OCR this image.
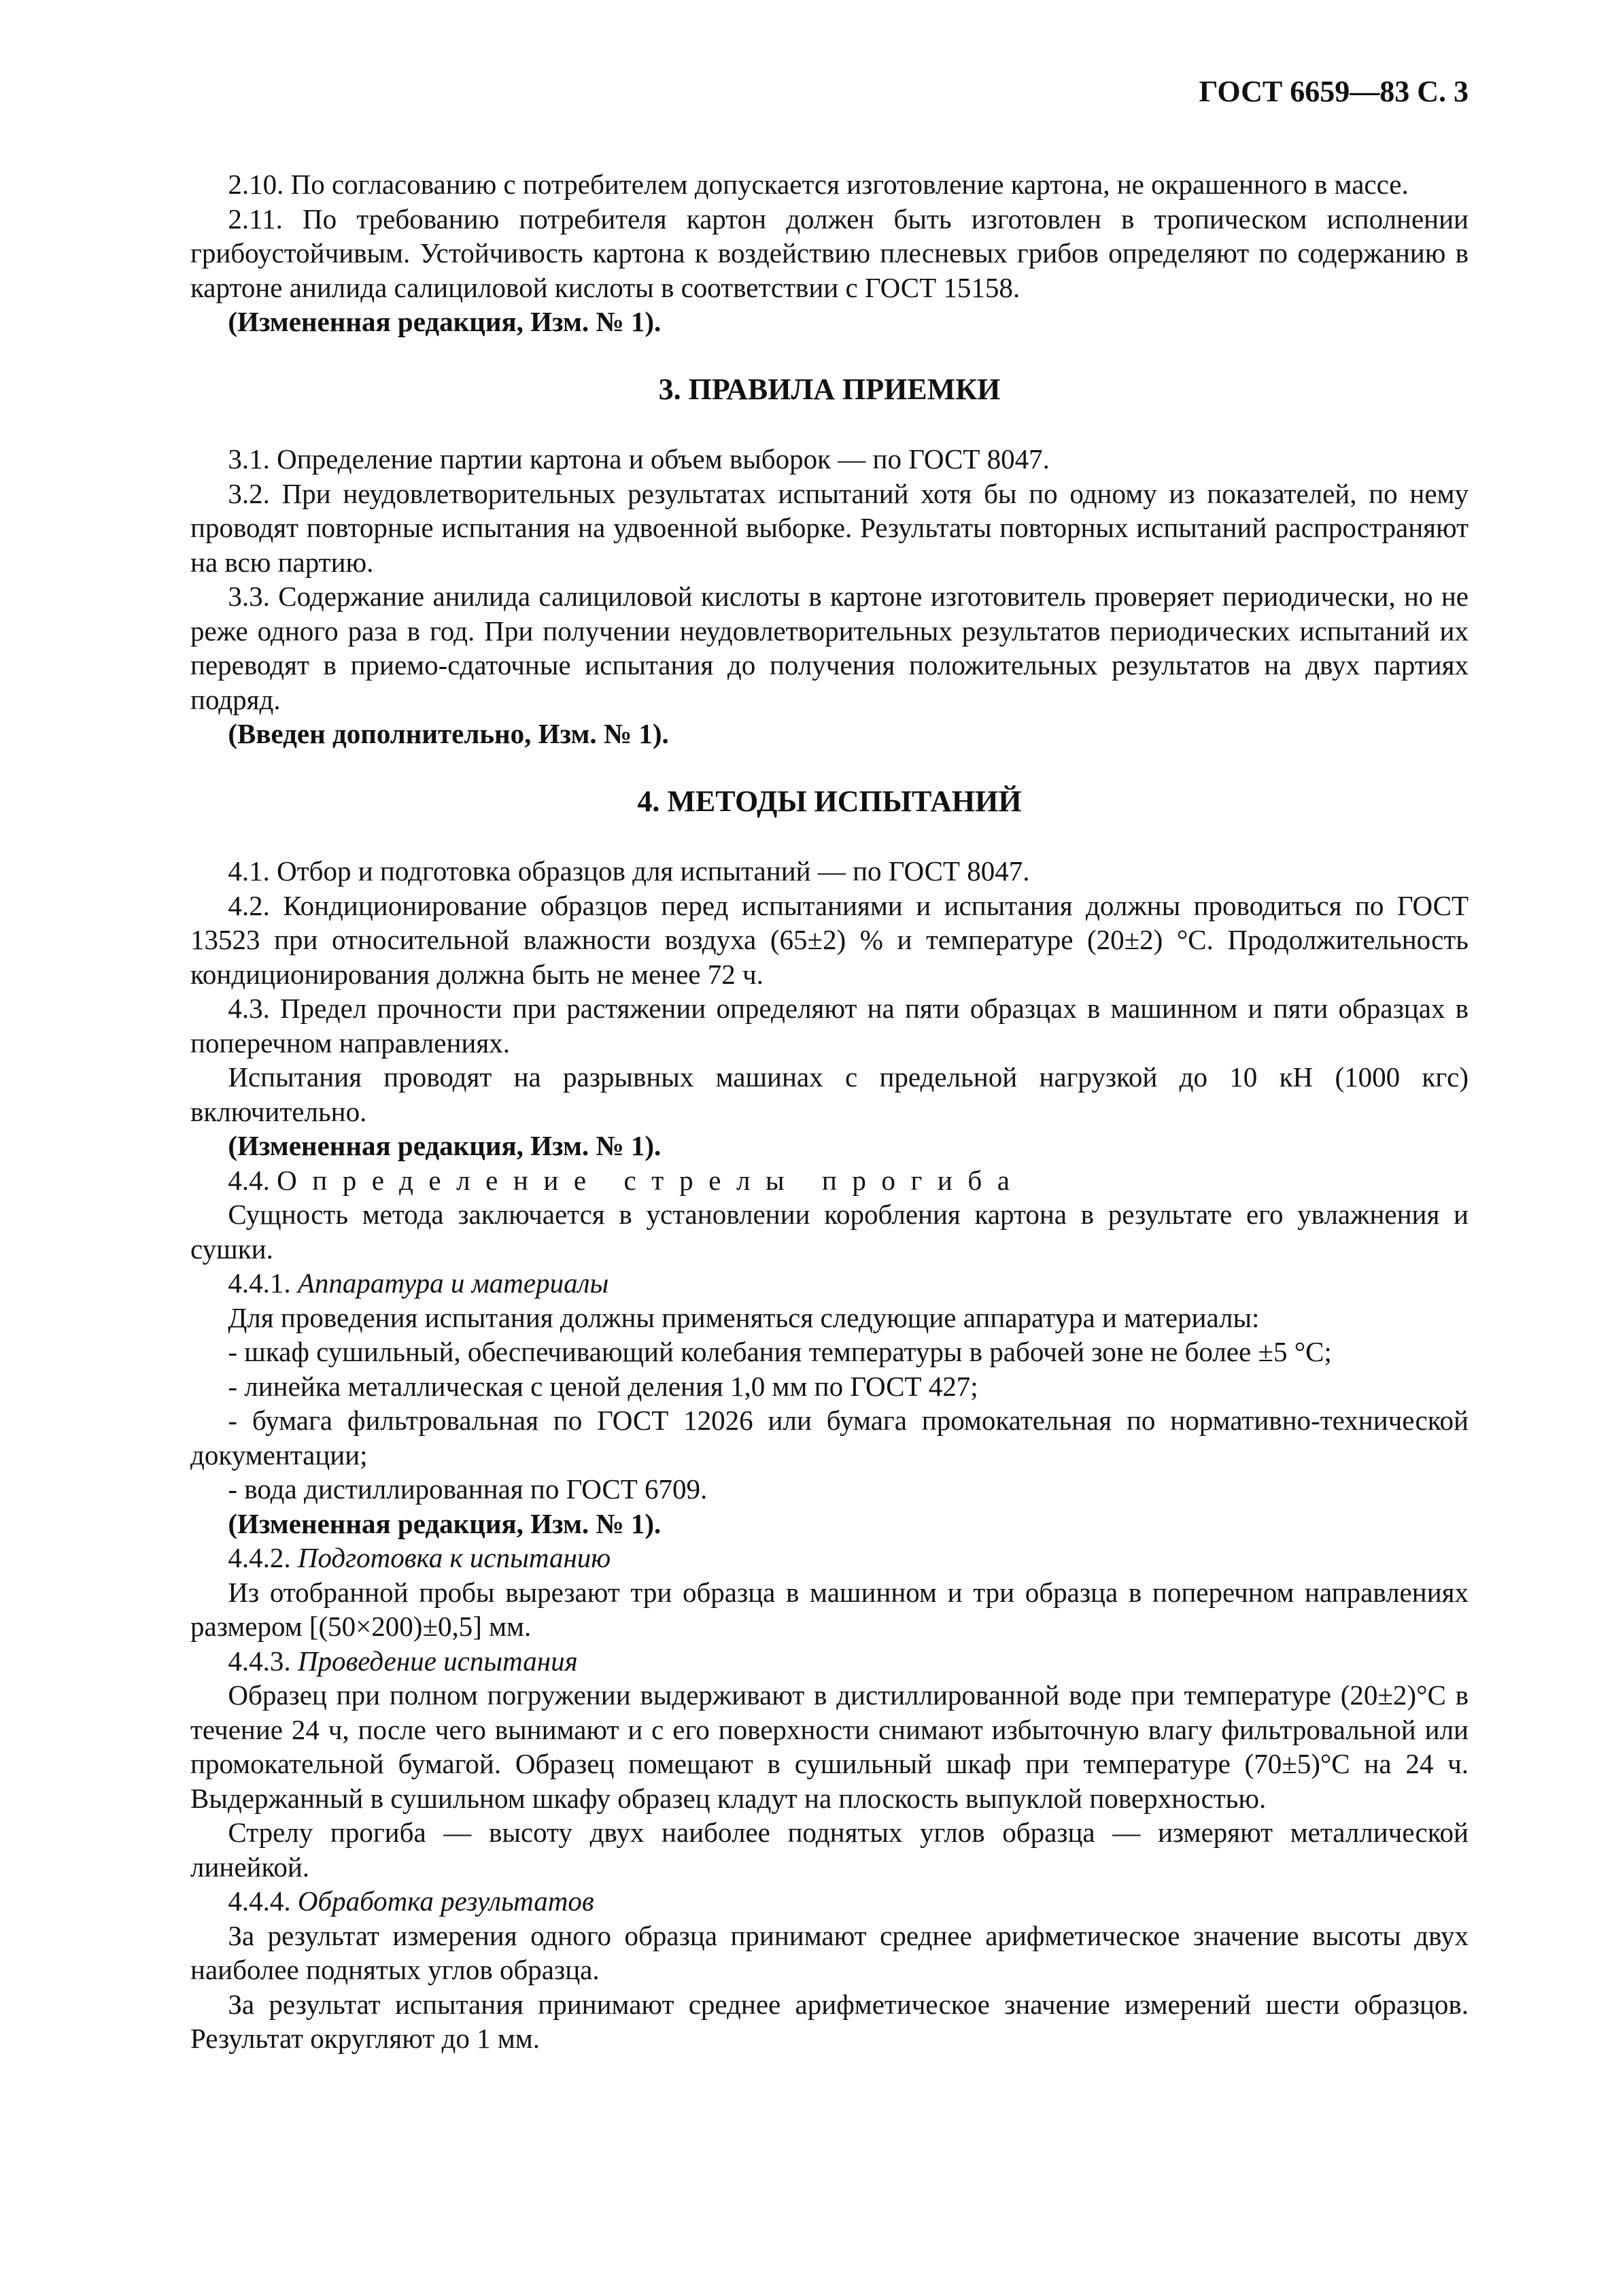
ГОСТ 6659—83 С. 3

2.10. По согласованию с потребителем допускается изготовление картона, не окрашенного в массе.

2.11. По требованию потребителя картон должен быть изготовлен в тропическом исполнении грибоустойчивым. Устойчивость картона к воздействию плесневых грибов определяют по содержанию в картоне анилида салициловой кислоты в соответствии с ГОСТ 15158.

(Измененная редакция, Изм. № 1).

3. ПРАВИЛА ПРИЕМКИ

3.1. Определение партии картона и объем выборок — по ГОСТ 8047.

3.2. При неудовлетворительных результатах испытаний хотя бы по одному из показателей, по нему проводят повторные испытания на удвоенной выборке. Результаты повторных испытаний распространяют на всю партию.

3.3. Содержание анилида салициловой кислоты в картоне изготовитель проверяет периодически, но не реже одного раза в год. При получении неудовлетворительных результатов периодических испытаний их переводят в приемо-сдаточные испытания до получения положительных результатов на двух партиях подряд.

(Введен дополнительно, Изм. № 1).

4. МЕТОДЫ ИСПЫТАНИЙ

4.1. Отбор и подготовка образцов для испытаний — по ГОСТ 8047.

4.2. Кондиционирование образцов перед испытаниями и испытания должны проводиться по ГОСТ 13523 при относительной влажности воздуха (65±2) % и температуре (20±2) °С. Продолжительность кондиционирования должна быть не менее 72 ч.

4.3. Предел прочности при растяжении определяют на пяти образцах в машинном и пяти образцах в поперечном направлениях.

Испытания проводят на разрывных машинах с предельной нагрузкой до 10 кН (1000 кгс) включительно.

(Измененная редакция, Изм. № 1).

4.4. Определение стрелы прогиба

Сущность метода заключается в установлении коробления картона в результате его увлажнения и сушки.

4.4.1. Аппаратура и материалы

Для проведения испытания должны применяться следующие аппаратура и материалы:

- шкаф сушильный, обеспечивающий колебания температуры в рабочей зоне не более ±5 °С;

- линейка металлическая с ценой деления 1,0 мм по ГОСТ 427;

- бумага фильтровальная по ГОСТ 12026 или бумага промокательная по нормативно-технической документации;

- вода дистиллированная по ГОСТ 6709.

(Измененная редакция, Изм. № 1).

4.4.2. Подготовка к испытанию

Из отобранной пробы вырезают три образца в машинном и три образца в поперечном направлениях размером [(50×200)±0,5] мм.

4.4.3. Проведение испытания

Образец при полном погружении выдерживают в дистиллированной воде при температуре (20±2)°С в течение 24 ч, после чего вынимают и с его поверхности снимают избыточную влагу фильтровальной или промокательной бумагой. Образец помещают в сушильный шкаф при температуре (70±5)°С на 24 ч. Выдержанный в сушильном шкафу образец кладут на плоскость выпуклой поверхностью.

Стрелу прогиба — высоту двух наиболее поднятых углов образца — измеряют металлической линейкой.

4.4.4. Обработка результатов

За результат измерения одного образца принимают среднее арифметическое значение высоты двух наиболее поднятых углов образца.

За результат испытания принимают среднее арифметическое значение измерений шести образцов. Результат округляют до 1 мм.
